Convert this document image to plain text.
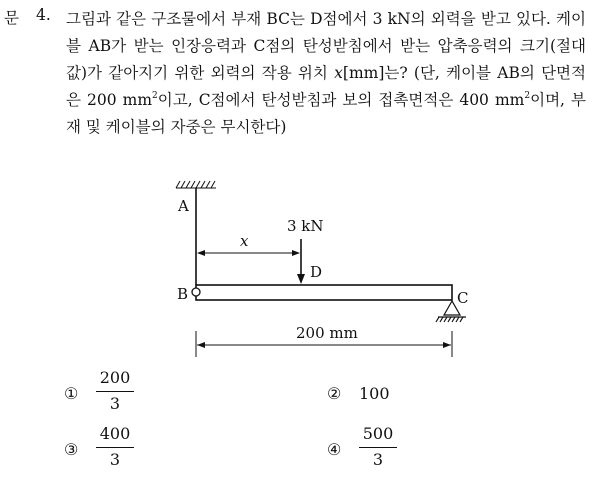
문 4. 그림과 같은 구조물에서 부재 BC는 D점에서 3 kN의 외력을 받고 있다. 케이블 AB가 받는 인장응력과 C점의 탄성받침에서 받는 압축응력의 크기(절대값)가 같아지기 위한 외력의 작용 위치 x[mm]는? (단, 케이블 AB의 단면적은 200 $mm^2$이고, C점에서 탄성받침과 보의 접촉면적은 400 $mm^2$이며, 부재 및 케이블의 자중은 무시한다)
A
B	C
D
3 kN
x
200 mm
①
200
3
② 100
③
400
3
④
500
3
